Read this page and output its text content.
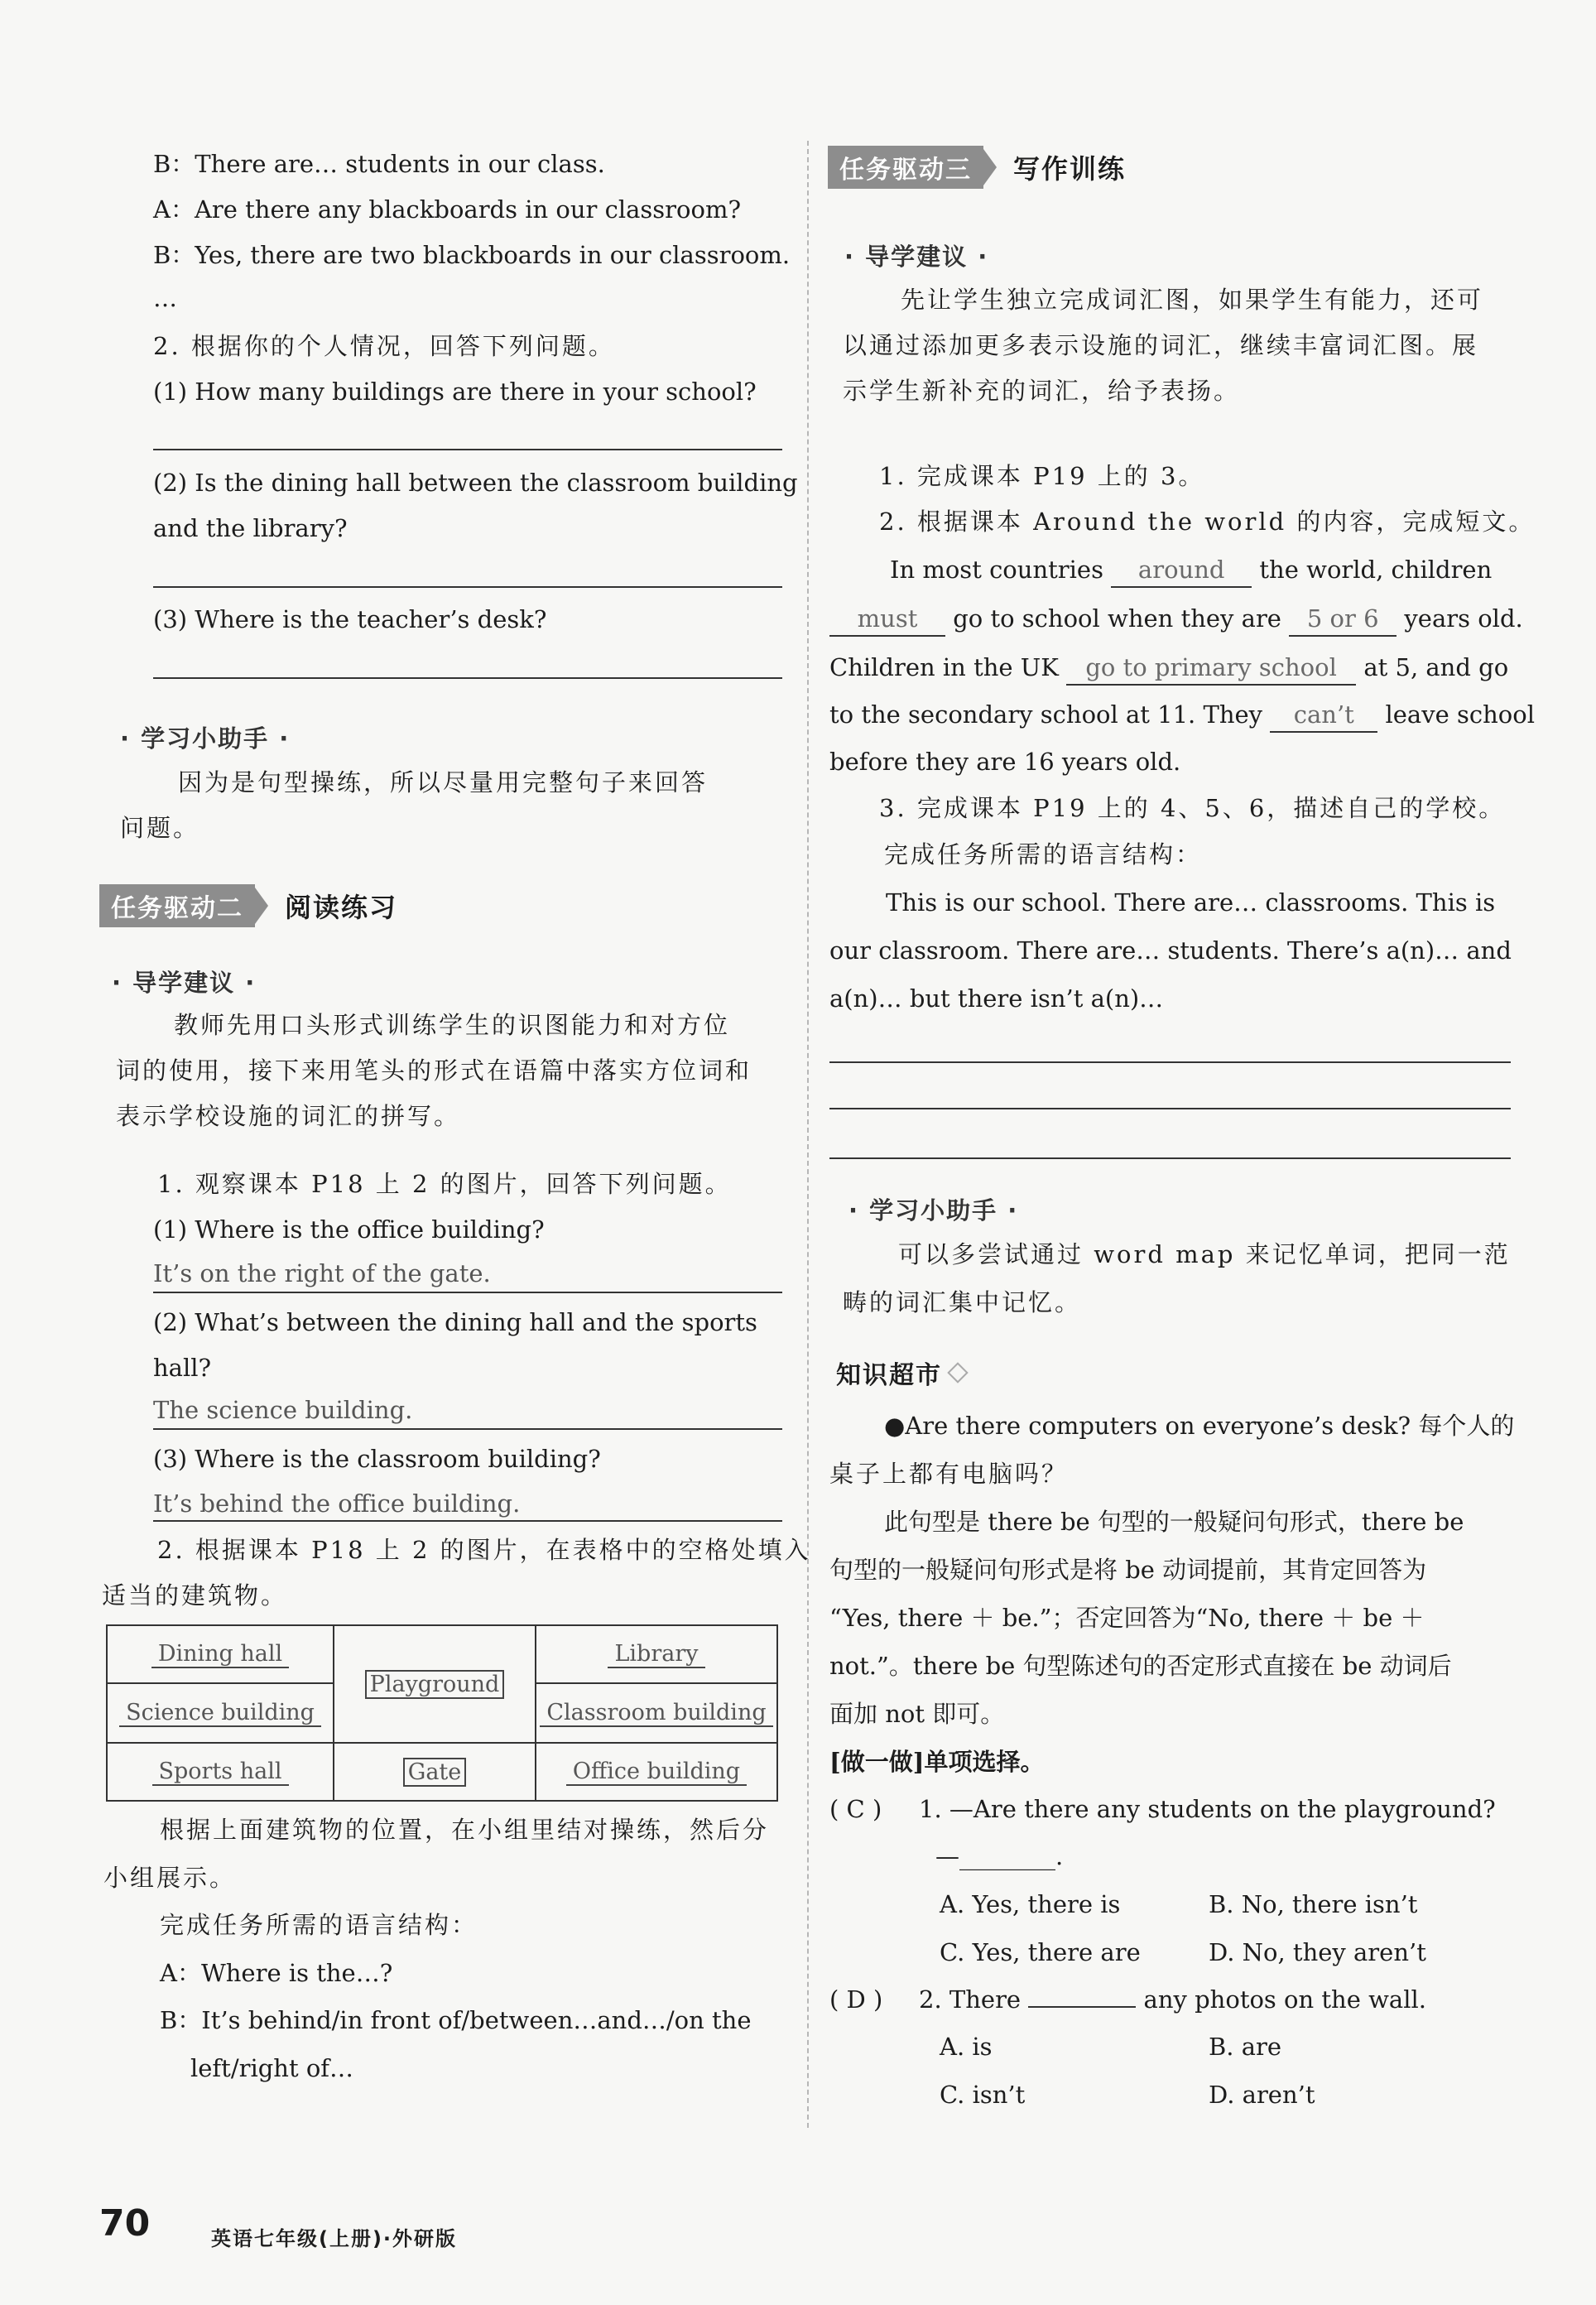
B：There are… students in our class.
A：Are there any blackboards in our classroom?
B：Yes, there are two blackboards in our classroom.
…
2. 根据你的个人情况，回答下列问题。
(1) How many buildings are there in your school?
(2) Is the dining hall between the classroom building
and the library?
(3) Where is the teacher’s desk?
· 学习小助手 ·
因为是句型操练，所以尽量用完整句子来回答
问题。
任务驱动二	阅读练习
· 导学建议 ·
教师先用口头形式训练学生的识图能力和对方位
词的使用，接下来用笔头的形式在语篇中落实方位词和
表示学校设施的词汇的拼写。
1. 观察课本 P18 上 2 的图片，回答下列问题。
(1) Where is the office building?
It’s on the right of the gate.
(2) What’s between the dining hall and the sports
hall?
The science building.
(3) Where is the classroom building?
It’s behind the office building.
2. 根据课本 P18 上 2 的图片，在表格中的空格处填入
适当的建筑物。
Dining hall	Playground	Library
Science building		Classroom building
Sports hall	Gate	Office building
根据上面建筑物的位置，在小组里结对操练，然后分
小组展示。
完成任务所需的语言结构：
A：Where is the…?
B：It’s behind/in front of/between…and…/on the
left/right of…
任务驱动三	写作训练
· 导学建议 ·
先让学生独立完成词汇图，如果学生有能力，还可
以通过添加更多表示设施的词汇，继续丰富词汇图。展
示学生新补充的词汇，给予表扬。
1. 完成课本 P19 上的 3。
2. 根据课本 Around the world 的内容，完成短文。
In most countries around the world, children
must go to school when they are 5 or 6 years old.
Children in the UK go to primary school at 5, and go
to the secondary school at 11. They can’t leave school
before they are 16 years old.
3. 完成课本 P19 上的 4、5、6，描述自己的学校。
完成任务所需的语言结构：
This is our school. There are… classrooms. This is
our classroom. There are… students. There’s a(n)… and
a(n)… but there isn’t a(n)…
· 学习小助手 ·
可以多尝试通过 word map 来记忆单词，把同一范
畴的词汇集中记忆。
知识超市
●Are there computers on everyone’s desk? 每个人的
桌子上都有电脑吗？
此句型是 there be 句型的一般疑问句形式，there be
句型的一般疑问句形式是将 be 动词提前，其肯定回答为
“Yes, there ＋ be.”；否定回答为“No, there ＋ be ＋
not.”。there be 句型陈述句的否定形式直接在 be 动词后
面加 not 即可。
[做一做]单项选择。
( C ) 1. —Are there any students on the playground?
—________.
A. Yes, there is	B. No, there isn’t
C. Yes, there are	D. No, they aren’t
( D ) 2. There	any photos on the wall.
A. is	B. are
C. isn’t	D. aren’t
70	英语七年级(上册)·外研版
